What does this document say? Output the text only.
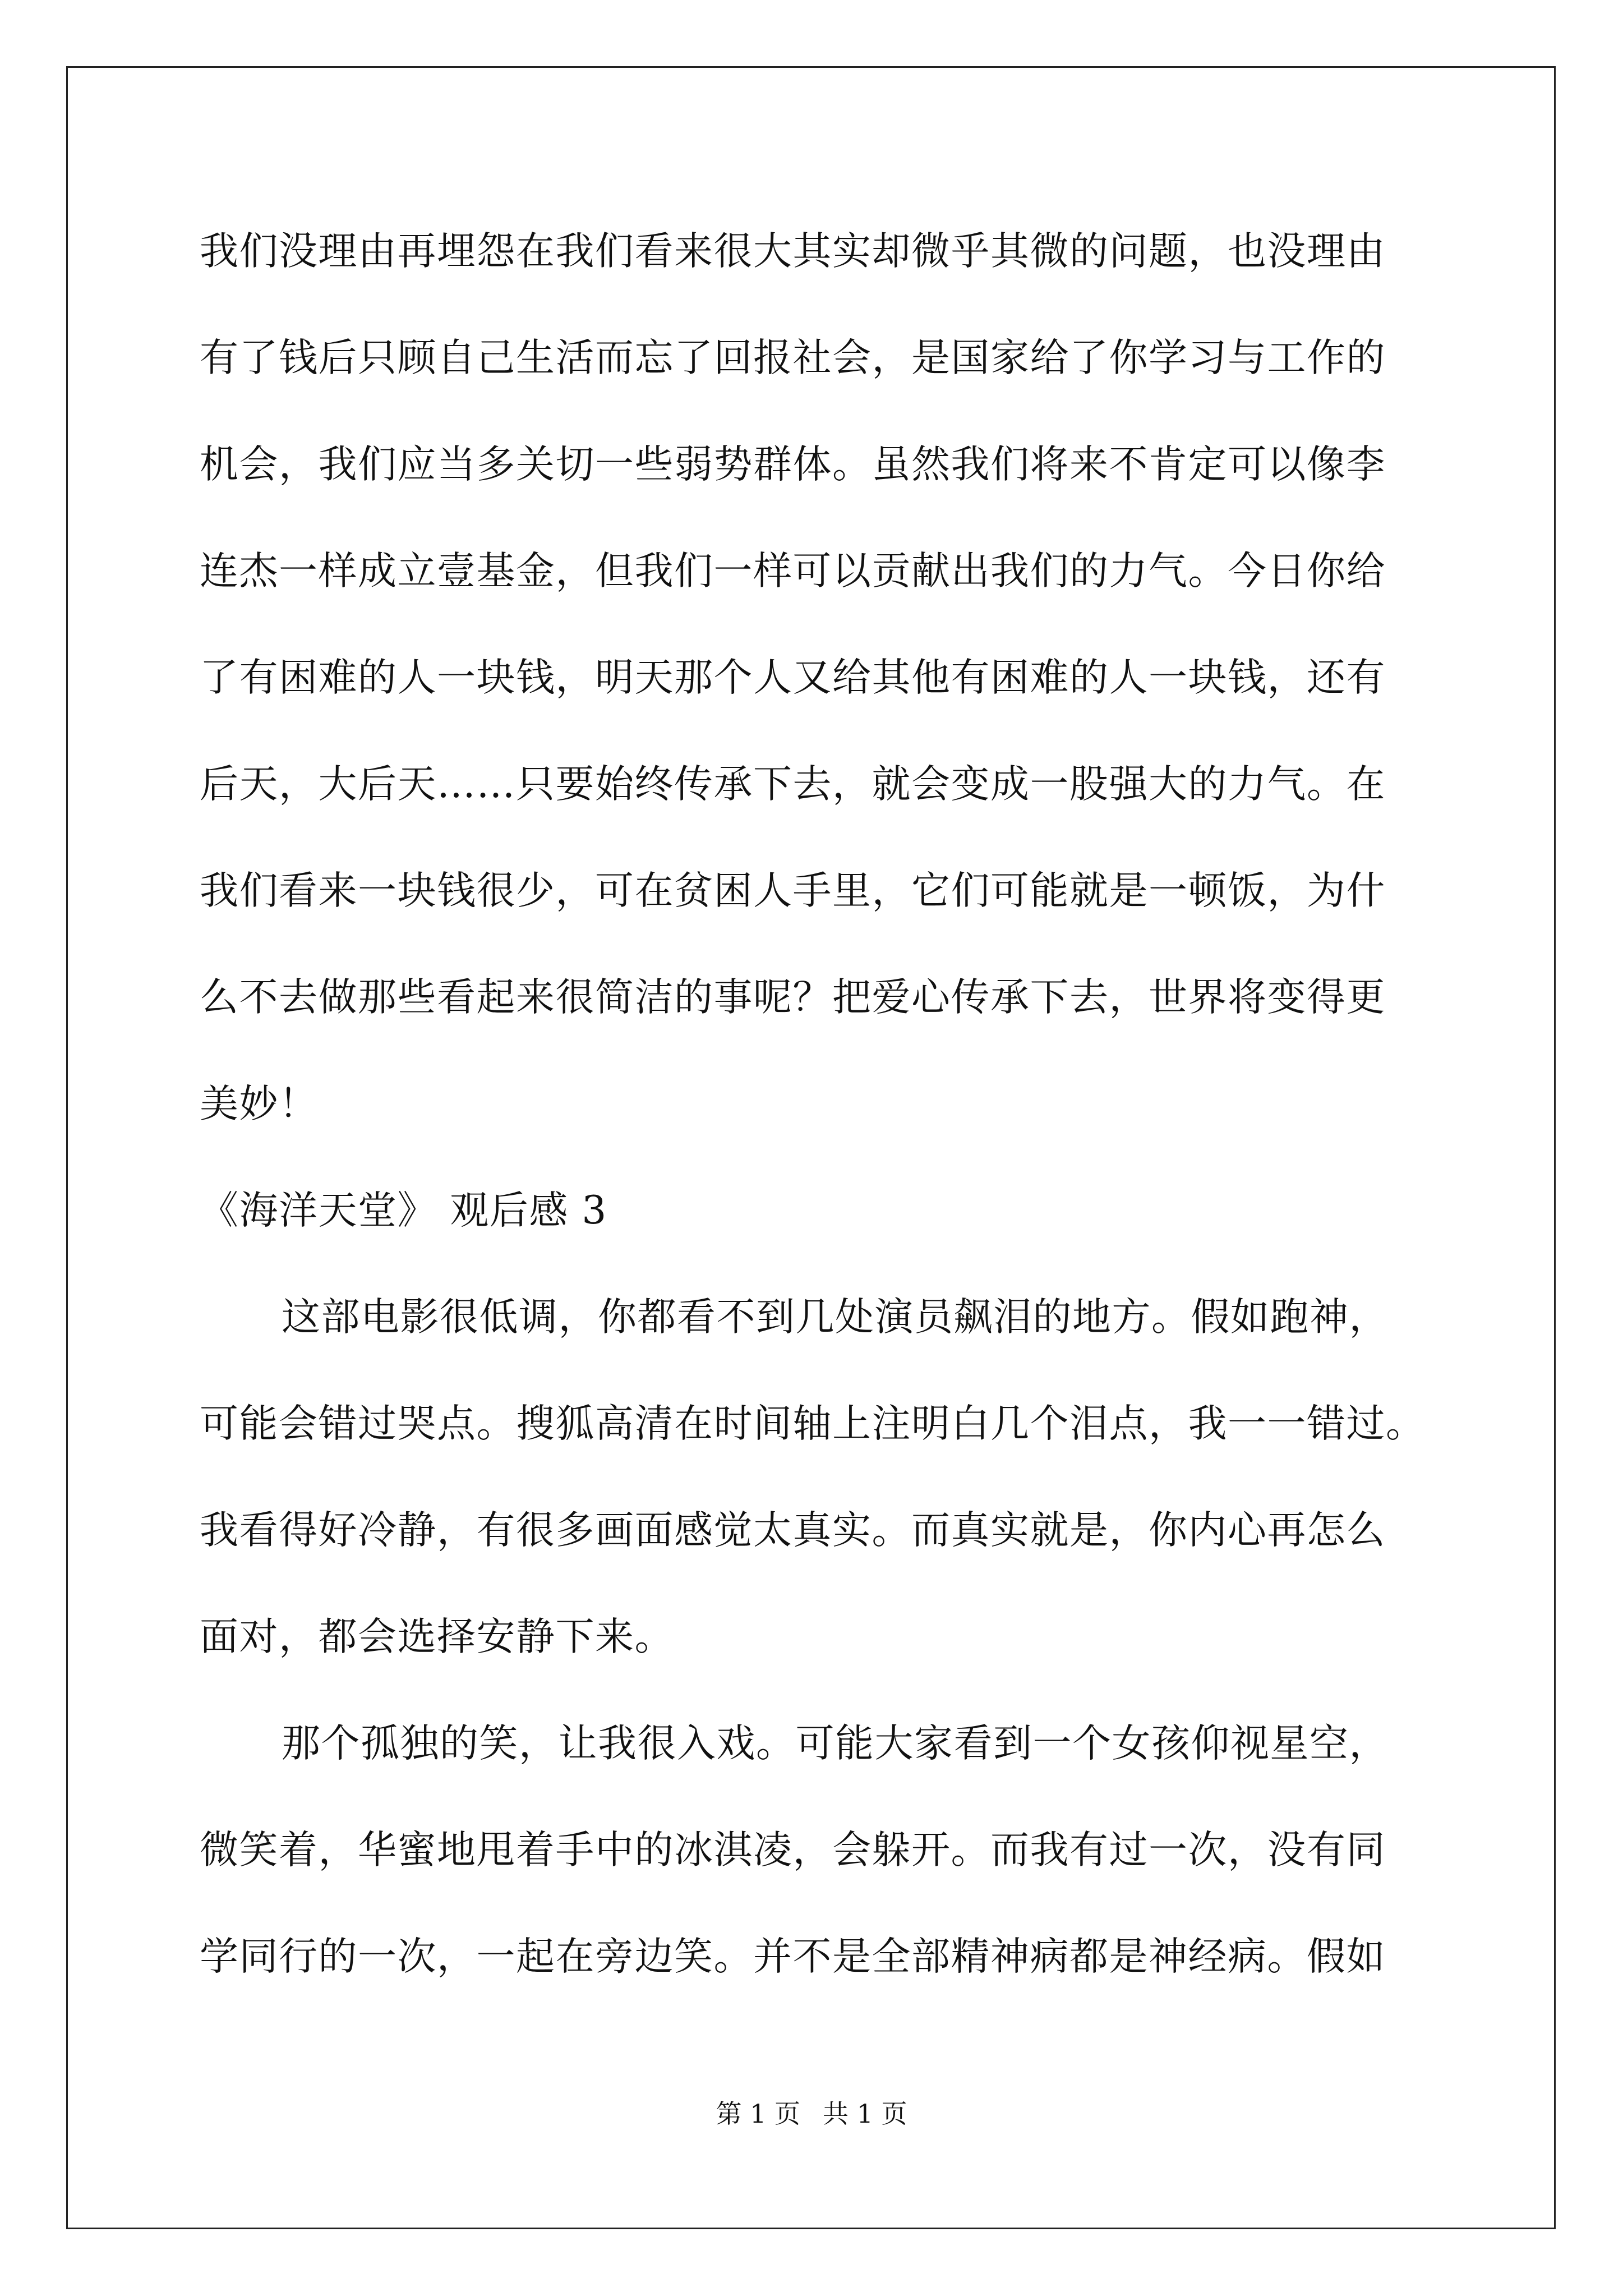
我们没理由再埋怨在我们看来很大其实却微乎其微的问题，也没理由
有了钱后只顾自己生活而忘了回报社会，是国家给了你学习与工作的
机会，我们应当多关切一些弱势群体。虽然我们将来不肯定可以像李
连杰一样成立壹基金，但我们一样可以贡献出我们的力气。今日你给
了有困难的人一块钱，明天那个人又给其他有困难的人一块钱，还有
后天，大后天……只要始终传承下去，就会变成一股强大的力气。在
我们看来一块钱很少，可在贫困人手里，它们可能就是一顿饭，为什
么不去做那些看起来很简洁的事呢？把爱心传承下去，世界将变得更
美妙！
《海洋天堂》 观后感 3
这部电影很低调，你都看不到几处演员飙泪的地方。假如跑神，
可能会错过哭点。搜狐高清在时间轴上注明白几个泪点，我一一错过。
我看得好冷静，有很多画面感觉太真实。而真实就是，你内心再怎么
面对，都会选择安静下来。
那个孤独的笑，让我很入戏。可能大家看到一个女孩仰视星空，
微笑着，华蜜地甩着手中的冰淇凌，会躲开。而我有过一次，没有同
学同行的一次，一起在旁边笑。并不是全部精神病都是神经病。假如
第 1 页 共 1 页
